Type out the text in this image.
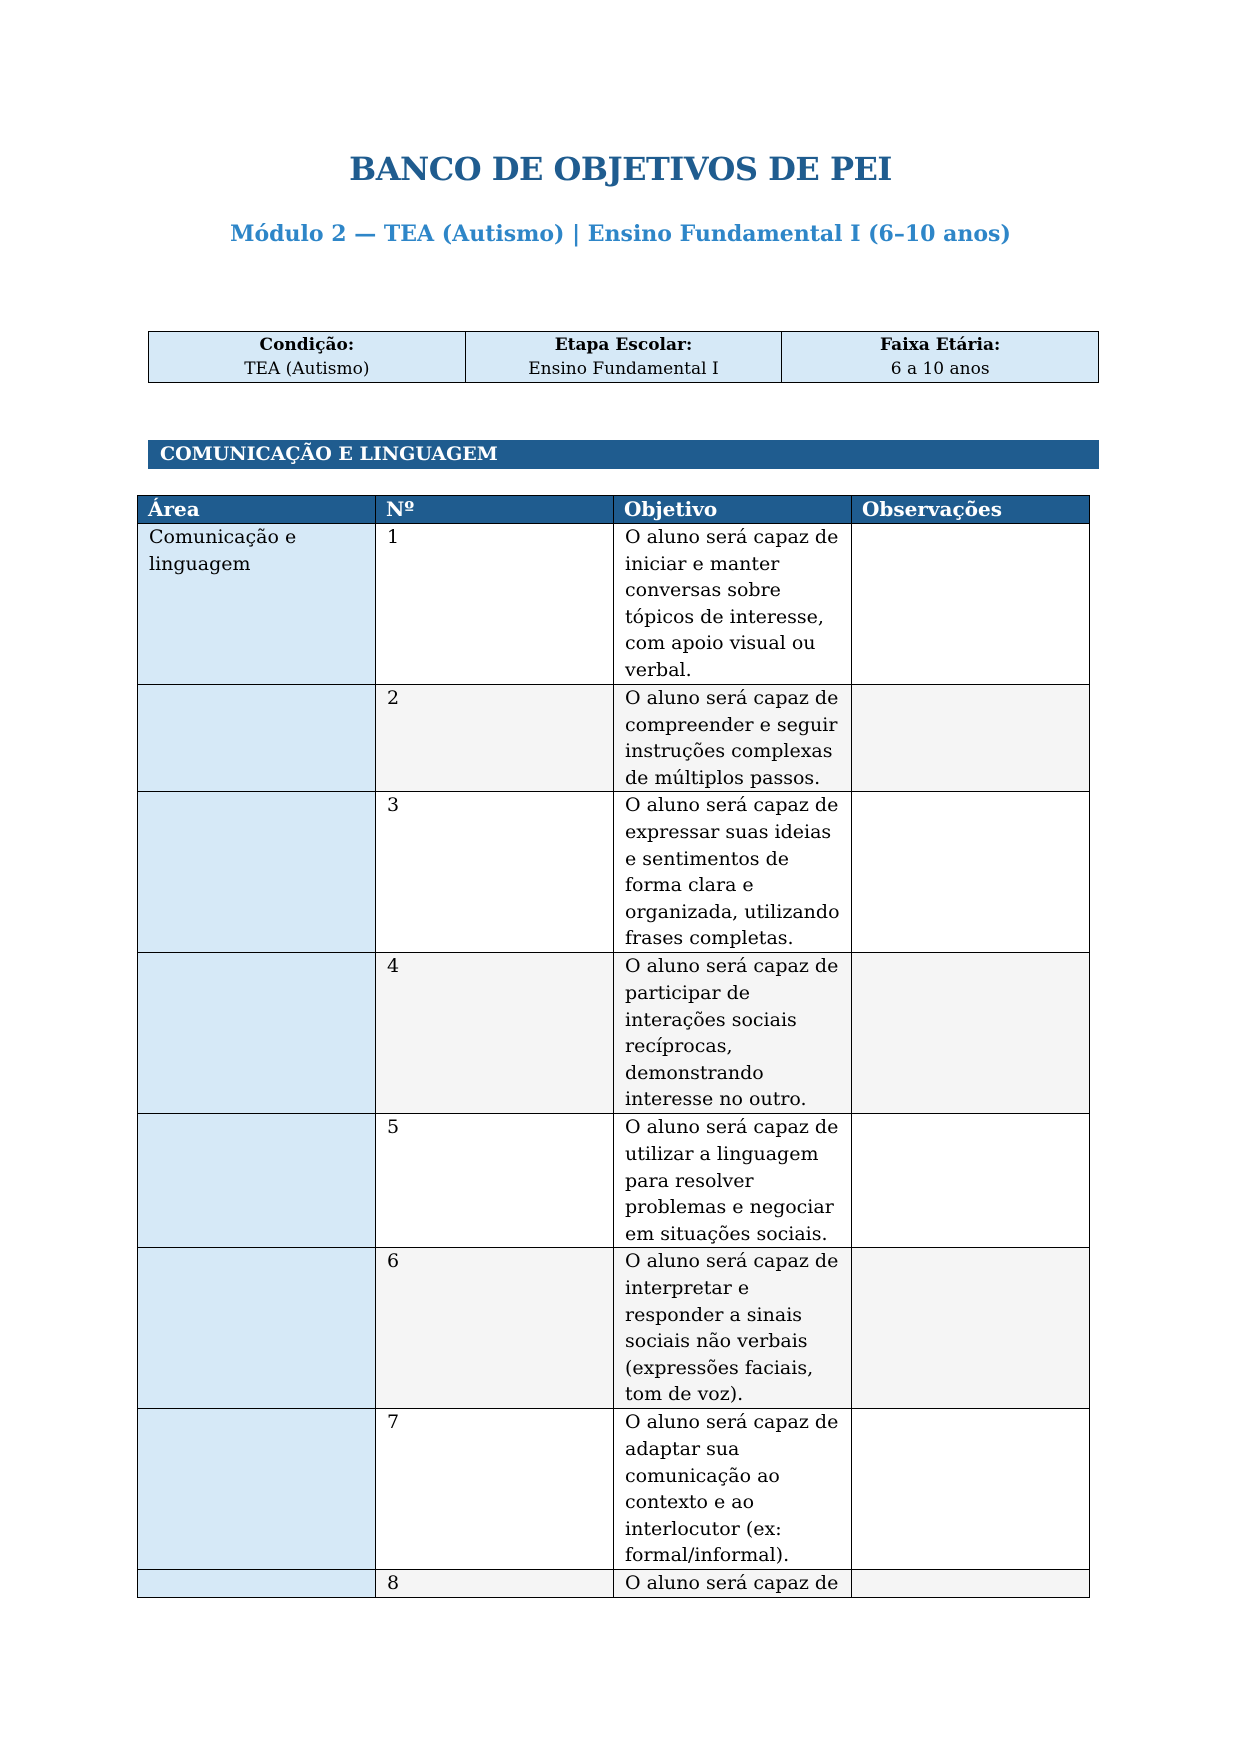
BANCO DE OBJETIVOS DE PEI
Módulo 2 — TEA (Autismo) | Ensino Fundamental I (6–10 anos)
Condição:
TEA (Autismo)

Etapa Escolar:
Ensino Fundamental I

Faixa Etária:
6 a 10 anos
COMUNICAÇÃO E LINGUAGEM
Área	Nº	Objetivo	Observações
Comunicação e linguagem	1	O aluno será capaz de iniciar e manter conversas sobre tópicos de interesse, com apoio visual ou verbal.	
	2	O aluno será capaz de compreender e seguir instruções complexas de múltiplos passos.	
	3	O aluno será capaz de expressar suas ideias e sentimentos de forma clara e organizada, utilizando frases completas.	
	4	O aluno será capaz de participar de interações sociais recíprocas, demonstrando interesse no outro.	
	5	O aluno será capaz de utilizar a linguagem para resolver problemas e negociar em situações sociais.	
	6	O aluno será capaz de interpretar e responder a sinais sociais não verbais (expressões faciais, tom de voz).	
	7	O aluno será capaz de adaptar sua comunicação ao contexto e ao interlocutor (ex: formal/informal).	
	8	O aluno será capaz de	
